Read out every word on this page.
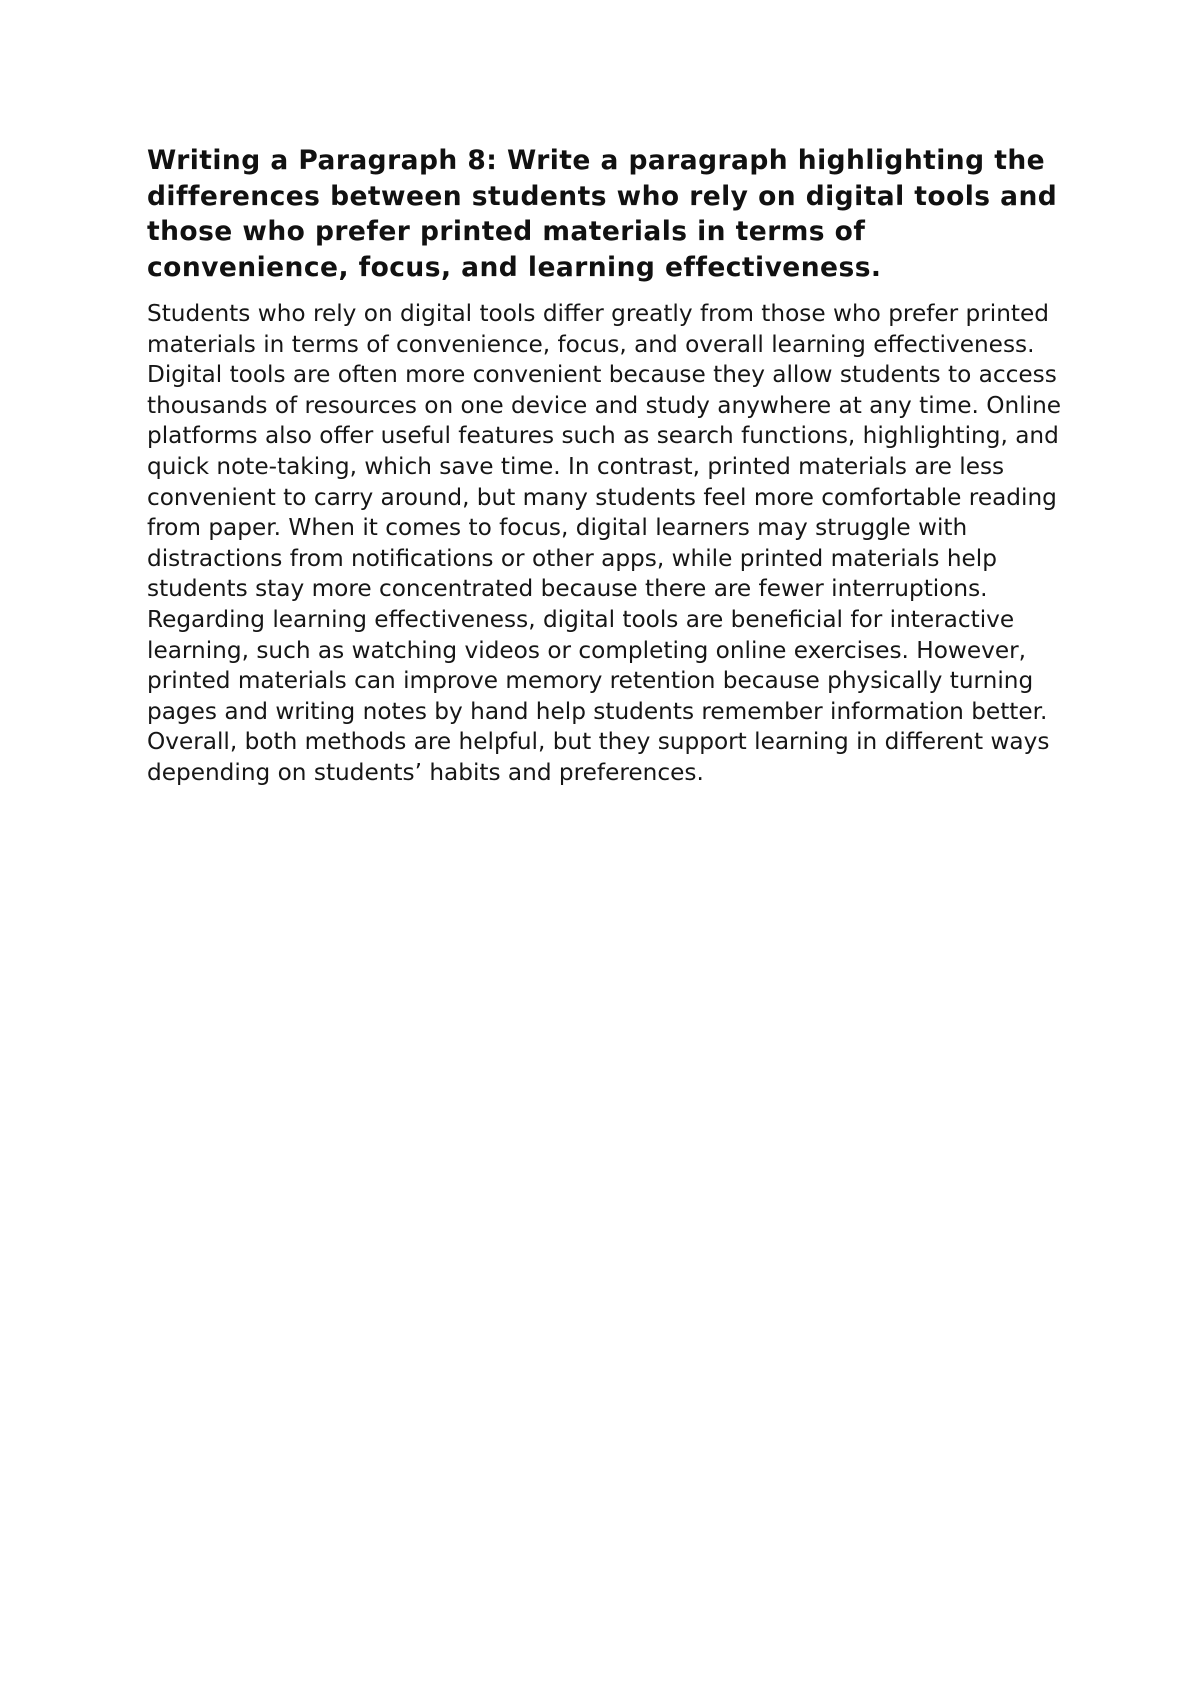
Writing a Paragraph 8: Write a paragraph highlighting the differences between students who rely on digital tools and those who prefer printed materials in terms of convenience, focus, and learning effectiveness.

Students who rely on digital tools differ greatly from those who prefer printed materials in terms of convenience, focus, and overall learning effectiveness. Digital tools are often more convenient because they allow students to access thousands of resources on one device and study anywhere at any time. Online platforms also offer useful features such as search functions, highlighting, and quick note-taking, which save time. In contrast, printed materials are less convenient to carry around, but many students feel more comfortable reading from paper. When it comes to focus, digital learners may struggle with distractions from notifications or other apps, while printed materials help students stay more concentrated because there are fewer interruptions. Regarding learning effectiveness, digital tools are beneficial for interactive learning, such as watching videos or completing online exercises. However, printed materials can improve memory retention because physically turning pages and writing notes by hand help students remember information better. Overall, both methods are helpful, but they support learning in different ways depending on students’ habits and preferences.
